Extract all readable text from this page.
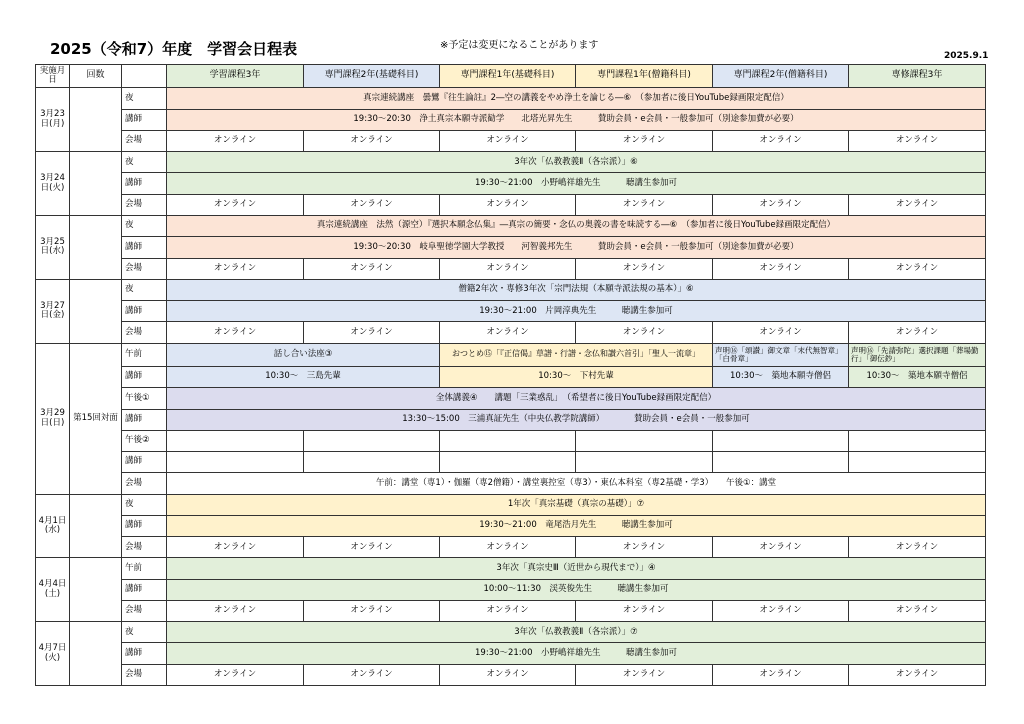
2025（令和7）年度　学習会日程表	※予定は変更になることがあります
2025.9.1
実施月日	回数		学習課程3年	専門課程2年(基礎科目)	専門課程1年(基礎科目)	専門課程1年(僧籍科目)	専門課程2年(僧籍科目)	専修課程3年
3月23日(月)		夜	真宗連続講座　曇鸞『往生論註』2―空の講義をやめ浄土を論じる―⑥　（参加者に後日YouTube録画限定配信）					
		講師	19:30～20:30　浄土真宗本願寺派勧学　　北塔光昇先生　　　賛助会員・e会員・一般参加可（別途参加費が必要）					
		会場	オンライン	オンライン	オンライン	オンライン	オンライン	オンライン
3月24日(火)		夜	3年次「仏教教義Ⅱ（各宗派）」⑥					
		講師	19:30～21:00　小野嶋祥雄先生　　　聴講生参加可					
		会場	オンライン	オンライン	オンライン	オンライン	オンライン	オンライン
3月25日(水)		夜	真宗連続講座　法然（源空）『選択本願念仏集』―真宗の簡要・念仏の奥義の書を味読する―⑥　（参加者に後日YouTube録画限定配信）					
		講師	19:30～20:30　岐阜聖徳学園大学教授　　河智義邦先生　　　賛助会員・e会員・一般参加可（別途参加費が必要）					
		会場	オンライン	オンライン	オンライン	オンライン	オンライン	オンライン
3月27日(金)		夜	僧籍2年次・専修3年次「宗門法規（本願寺派法規の基本）」⑥					
		講師	19:30～21:00　片岡淳典先生　　　聴講生参加可					
		会場	オンライン	オンライン	オンライン	オンライン	オンライン	オンライン
3月29日(日)	第15回対面	午前	話し合い法座③		おつとめ⑮「『正信偈』草譜・行譜・念仏和讃六首引」「聖人一流章」		声明⑯「頌讃」御文章「末代無智章」「白骨章」	声明⑯「先請弥陀」選択課題「葬場勤行」「御伝鈔」
		講師	10:30～　三島先輩		10:30～　下村先輩		10:30～　築地本願寺僧侶	10:30～　築地本願寺僧侶
		午後①	全体講義④　　講題「三業惑乱」　（希望者に後日YouTube録画限定配信）					
		講師	13:30～15:00　三浦真証先生（中央仏教学院講師）　　　　賛助会員・e会員・一般参加可					
		午後②						
		講師						
		会場	午前：講堂（専1）・伽羅（専2僧籍）・講堂裏控室（専3）・東仏本科室（専2基礎・学3）　　午後①：講堂					
4月1日(水)		夜	1年次「真宗基礎（真宗の基礎）」⑦					
		講師	19:30～21:00　竜尾浩月先生　　　聴講生参加可					
		会場	オンライン	オンライン	オンライン	オンライン	オンライン	オンライン
4月4日(土)		午前	3年次「真宗史Ⅲ（近世から現代まで）」④					
		講師	10:00～11:30　渓英俊先生　　　聴講生参加可					
		会場	オンライン	オンライン	オンライン	オンライン	オンライン	オンライン
4月7日(火)		夜	3年次「仏教教義Ⅱ（各宗派）」⑦					
		講師	19:30～21:00　小野嶋祥雄先生　　　聴講生参加可					
		会場	オンライン	オンライン	オンライン	オンライン	オンライン	オンライン
